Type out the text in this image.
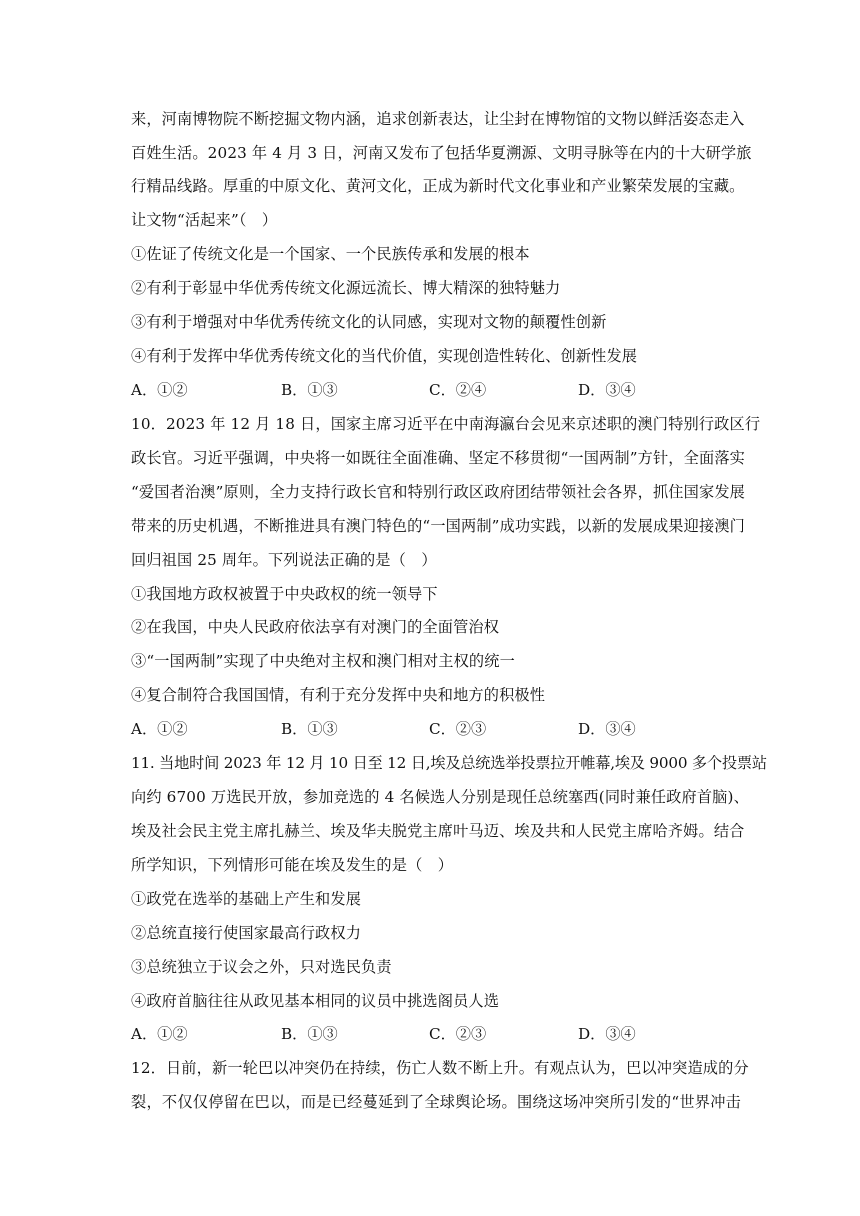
来，河南博物院不断挖掘文物内涵，追求创新表达，让尘封在博物馆的文物以鲜活姿态走入
百姓生活。2023 年 4 月 3 日，河南又发布了包括华夏溯源、文明寻脉等在内的十大研学旅
行精品线路。厚重的中原文化、黄河文化，正成为新时代文化事业和产业繁荣发展的宝藏。
让文物“活起来”（　）
①佐证了传统文化是一个国家、一个民族传承和发展的根本
②有利于彰显中华优秀传统文化源远流长、博大精深的独特魅力
③有利于增强对中华优秀传统文化的认同感，实现对文物的颠覆性创新
④有利于发挥中华优秀传统文化的当代价值，实现创造性转化、创新性发展
A．①②	B．①③	C．②④	D．③④
10．2023 年 12 月 18 日，国家主席习近平在中南海瀛台会见来京述职的澳门特别行政区行
政长官。习近平强调，中央将一如既往全面准确、坚定不移贯彻“一国两制”方针，全面落实
“爱国者治澳”原则，全力支持行政长官和特别行政区政府团结带领社会各界，抓住国家发展
带来的历史机遇，不断推进具有澳门特色的“一国两制”成功实践，以新的发展成果迎接澳门
回归祖国 25 周年。下列说法正确的是（　）
①我国地方政权被置于中央政权的统一领导下
②在我国，中央人民政府依法享有对澳门的全面管治权
③“一国两制”实现了中央绝对主权和澳门相对主权的统一
④复合制符合我国国情，有利于充分发挥中央和地方的积极性
A．①②	B．①③	C．②③	D．③④
11. 当地时间 2023 年 12 月 10 日至 12 日,埃及总统选举投票拉开帷幕,埃及 9000 多个投票站
向约 6700 万选民开放，参加竞选的 4 名候选人分别是现任总统塞西(同时兼任政府首脑)、
埃及社会民主党主席扎赫兰、埃及华夫脱党主席叶马迈、埃及共和人民党主席哈齐姆。结合
所学知识，下列情形可能在埃及发生的是（　）
①政党在选举的基础上产生和发展
②总统直接行使国家最高行政权力
③总统独立于议会之外，只对选民负责
④政府首脑往往从政见基本相同的议员中挑选阁员人选
A．①②	B．①③	C．②③	D．③④
12．日前，新一轮巴以冲突仍在持续，伤亡人数不断上升。有观点认为，巴以冲突造成的分
裂，不仅仅停留在巴以，而是已经蔓延到了全球舆论场。围绕这场冲突所引发的“世界冲击
